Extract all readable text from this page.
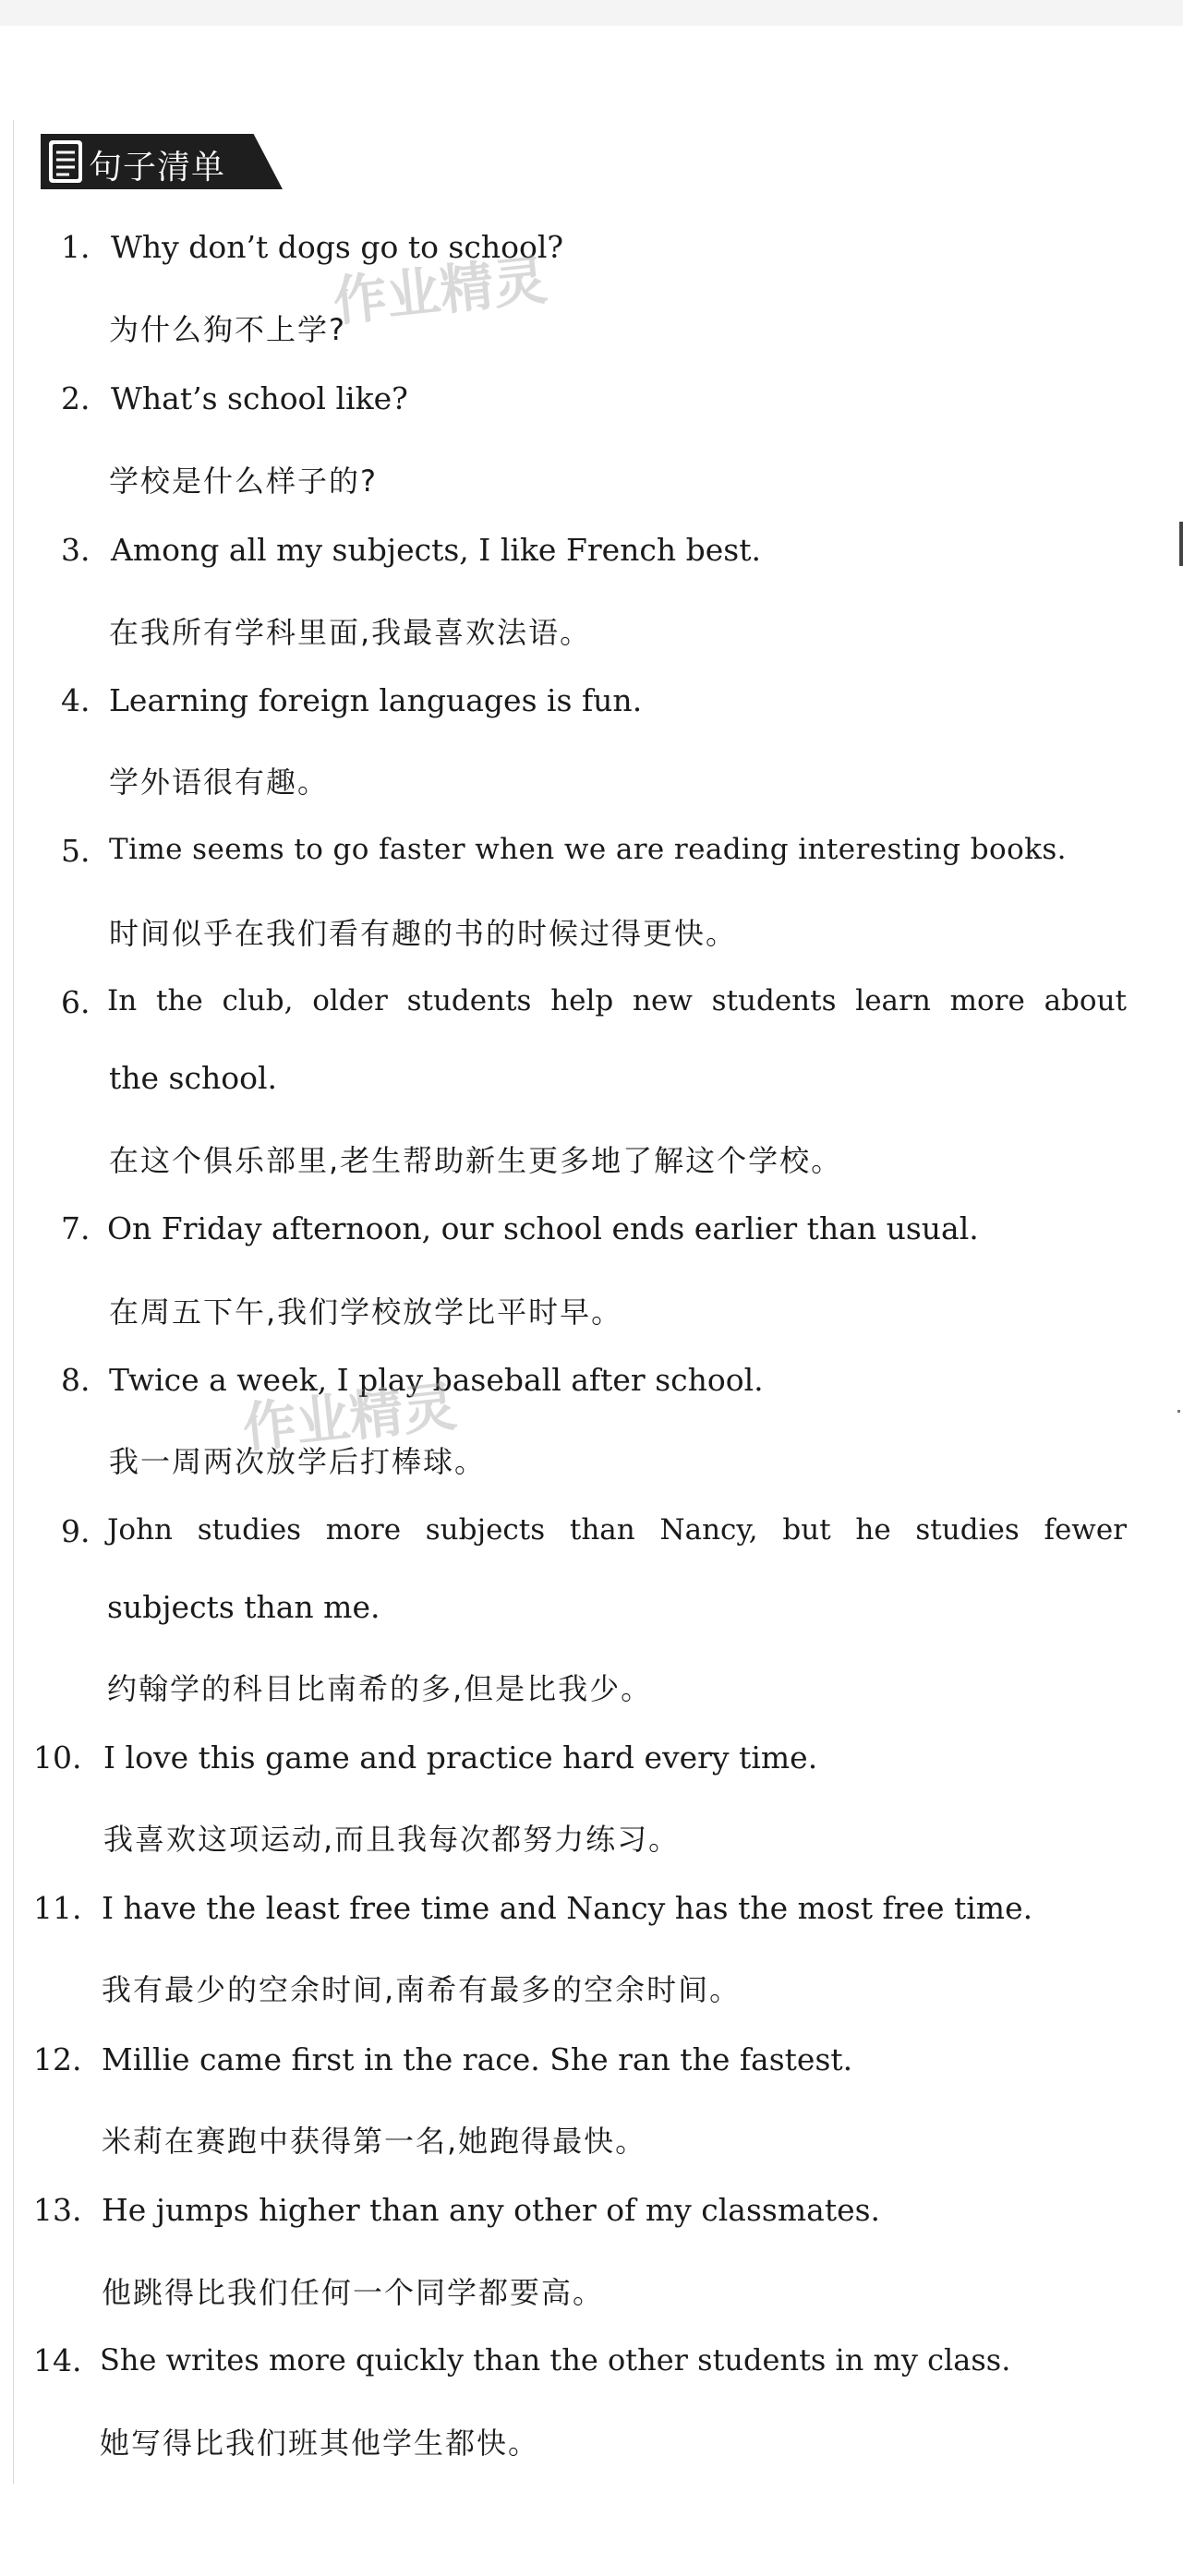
句子清单
1. Why don’t dogs go to school?
为什么狗不上学?
2. What’s school like?
学校是什么样子的?
3. Among all my subjects, I like French best.
在我所有学科里面,我最喜欢法语。
4. Learning foreign languages is fun.
学外语很有趣。
5. Time seems to go faster when we are reading interesting books.
时间似乎在我们看有趣的书的时候过得更快。
6. In the club, older students help new students learn more about
the school.
在这个俱乐部里,老生帮助新生更多地了解这个学校。
7. On Friday afternoon, our school ends earlier than usual.
在周五下午,我们学校放学比平时早。
8. Twice a week, I play baseball after school.
我一周两次放学后打棒球。
9. John studies more subjects than Nancy, but he studies fewer
subjects than me.
约翰学的科目比南希的多,但是比我少。
10. I love this game and practice hard every time.
我喜欢这项运动,而且我每次都努力练习。
11. I have the least free time and Nancy has the most free time.
我有最少的空余时间,南希有最多的空余时间。
12. Millie came first in the race. She ran the fastest.
米莉在赛跑中获得第一名,她跑得最快。
13. He jumps higher than any other of my classmates.
他跳得比我们任何一个同学都要高。
14. She writes more quickly than the other students in my class.
她写得比我们班其他学生都快。
作业精灵
作业精灵
